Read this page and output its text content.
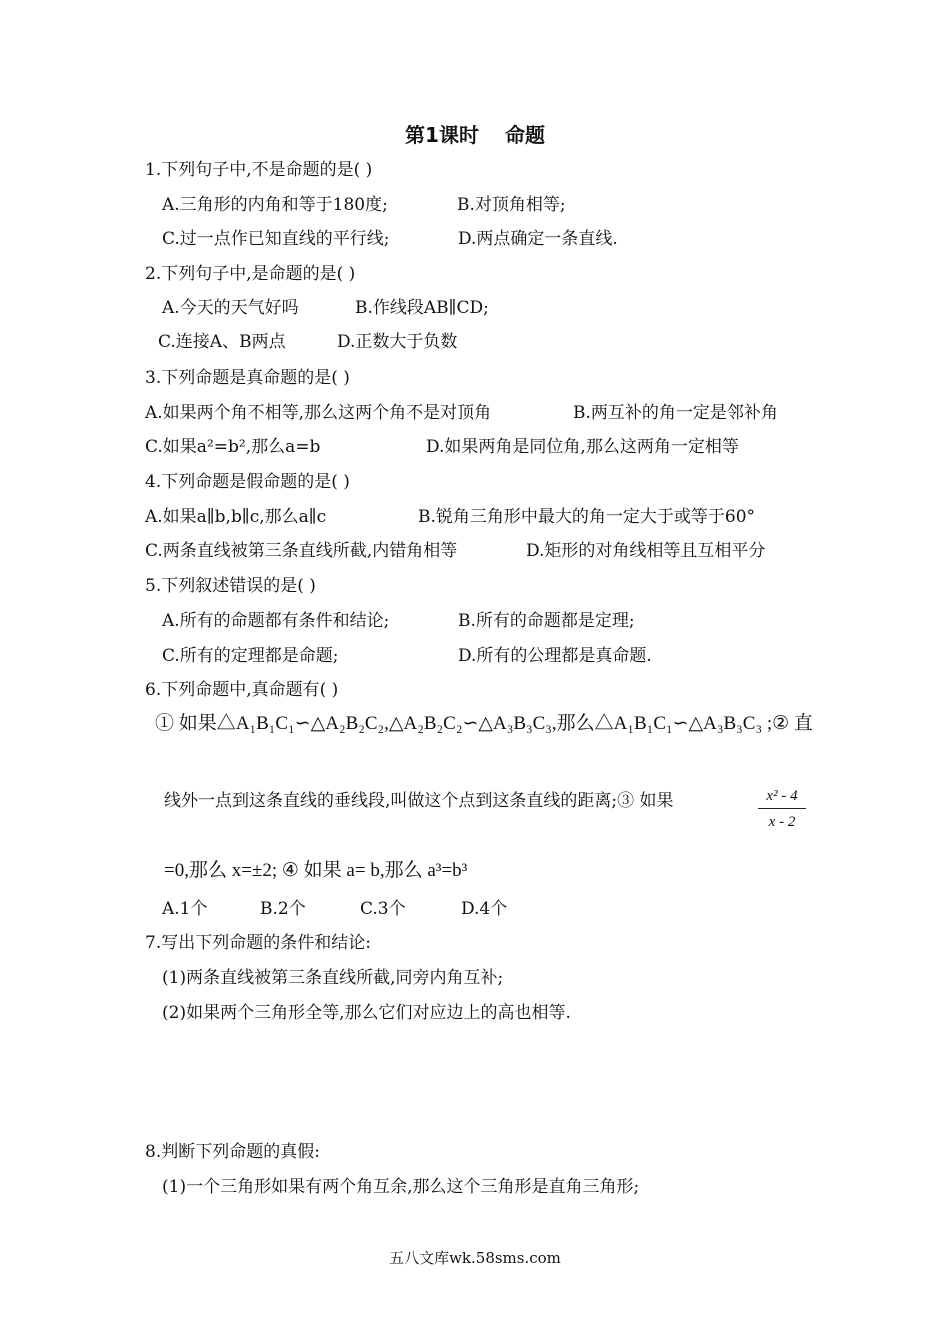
第1课时 命题
1.下列句子中,不是命题的是( )
A.三角形的内角和等于180度;	B.对顶角相等;
C.过一点作已知直线的平行线;	D.两点确定一条直线.
2.下列句子中,是命题的是( )
A.今天的天气好吗	B.作线段AB∥CD;
C.连接A、B两点	D.正数大于负数
3.下列命题是真命题的是( )
A.如果两个角不相等,那么这两个角不是对顶角	B.两互补的角一定是邻补角
C.如果a²=b²,那么a=b	D.如果两角是同位角,那么这两角一定相等
4.下列命题是假命题的是( )
A.如果a∥b,b∥c,那么a∥c	B.锐角三角形中最大的角一定大于或等于60°
C.两条直线被第三条直线所截,内错角相等	D.矩形的对角线相等且互相平分
5.下列叙述错误的是( )
A.所有的命题都有条件和结论;	B.所有的命题都是定理;
C.所有的定理都是命题;	D.所有的公理都是真命题.
6.下列命题中,真命题有( )
① 如果△A₁B₁C₁∽△A₂B₂C₂,△A₂B₂C₂∽△A₃B₃C₃,那么△A₁B₁C₁∽△A₃B₃C₃ ;② 直
线外一点到这条直线的垂线段,叫做这个点到这条直线的距离;③ 如果	$\frac{\text{x² - 4}}{x - 2}$
=0,那么 x=±2; ④ 如果 a= b,那么 a³=b³
A.1个	B.2个	C.3个	D.4个
7.写出下列命题的条件和结论:
(1)两条直线被第三条直线所截,同旁内角互补;
(2)如果两个三角形全等,那么它们对应边上的高也相等.
8.判断下列命题的真假:
(1)一个三角形如果有两个角互余,那么这个三角形是直角三角形;
五八文库wk.58sms.com
